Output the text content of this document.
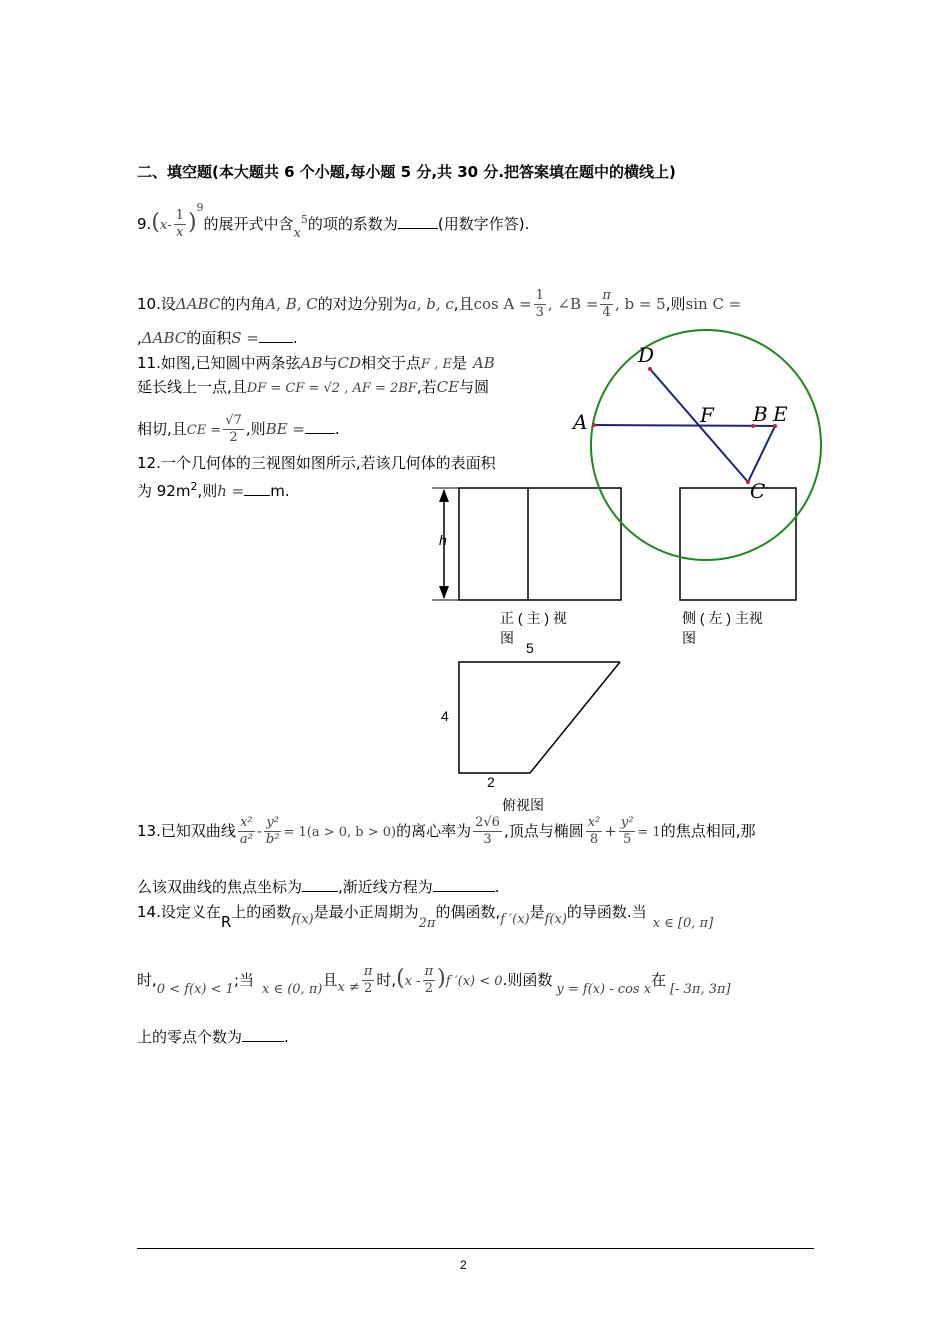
二、填空题(本大题共 6 个小题,每小题 5 分,共 30 分.把答案填在题中的横线上)
$9.(x- \frac{1}{x} )^9$的展开式中含$x^5$的项的系数为	(用数字作答).
10.设ΔABC的内角A, B, C的对边分别为a, b, c,且$\cos A = \frac{1}{3}$ , ∠B = $\frac{\pi}{4}$ , b = 5,则sin C =
,ΔABC的面积S = .
11.如图,已知圆中两条弦AB与CD相交于点F , E是 AB
延长线上一点,且DF = CF = √2 , AF = 2BF,若CE与圆
相切,且CE = $\frac{√7}{2}$ ,则BE = .
12.一个几何体的三视图如图所示,若该几何体的表面积
为 $92m^2$,则h = m.
h
正 ( 主 ) 视
图
侧 ( 左 ) 主视
图
5
4
2
俯视图
D
A	F B E
C
13.已知双曲线 $\frac{\text{x²}}{\text{a²}} - \frac{\text{y²}}{\text{b²}} = 1(a > 0$, b > 0)的离心率为 $\frac{2√6}{3}$ ,顶点与椭圆 $\frac{\text{x²}}{8} + \frac{\text{y²}}{5} = 1$的焦点相同,那
么该双曲线的焦点坐标为 ,渐近线方程为	.
14.设定义在R上的函数f(x)是最小正周期为2π的偶函数,f ′(x)是f(x)的导函数.当x ∈ [0, π]
时,0 < f(x) < 1;当x ∈ (0, π)且$x \ne \frac{\pi}{2}$ 时$,(x - \frac{\pi}{2} )f$ ′(x) < 0.则函数y = f(x) - cos x在[- 3π, 3π]
上的零点个数为	.
2
